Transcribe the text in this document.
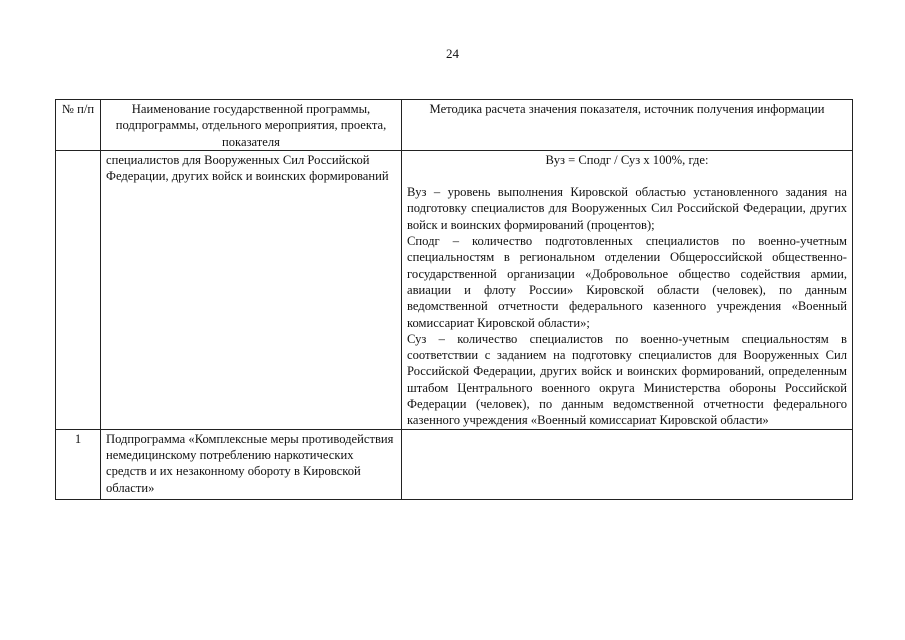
24
№ п/п	Наименование государственной программы, подпрограммы, отдельного мероприятия, проекта, показателя	Методика расчета значения показателя, источник получения информации
	специалистов для Вооруженных Сил Российской Федерации, других войск и воинских формирований	Вуз = Сподг / Суз х 100%, где:
Вуз – уровень выполнения Кировской областью установленного задания на подготовку специалистов для Вооруженных Сил Российской Федерации, других войск и воинских формирований (процентов);
Сподг – количество подготовленных специалистов по военно-учетным специальностям в региональном отделении Общероссийской общественно-государственной организации «Добровольное общество содействия армии, авиации и флоту России» Кировской области (человек), по данным ведомственной отчетности федерального казенного учреждения «Военный комиссариат Кировской области»;
Суз – количество специалистов по военно-учетным специальностям в соответствии с заданием на подготовку специалистов для Вооруженных Сил Российской Федерации, других войск и воинских формирований, определенным штабом Центрального военного округа Министерства обороны Российской Федерации (человек), по данным ведомственной отчетности федерального казенного учреждения «Военный комиссариат Кировской области»

1	Подпрограмма «Комплексные меры противодействия немедицинскому потреблению наркотических средств и их незаконному обороту в Кировской области»	
